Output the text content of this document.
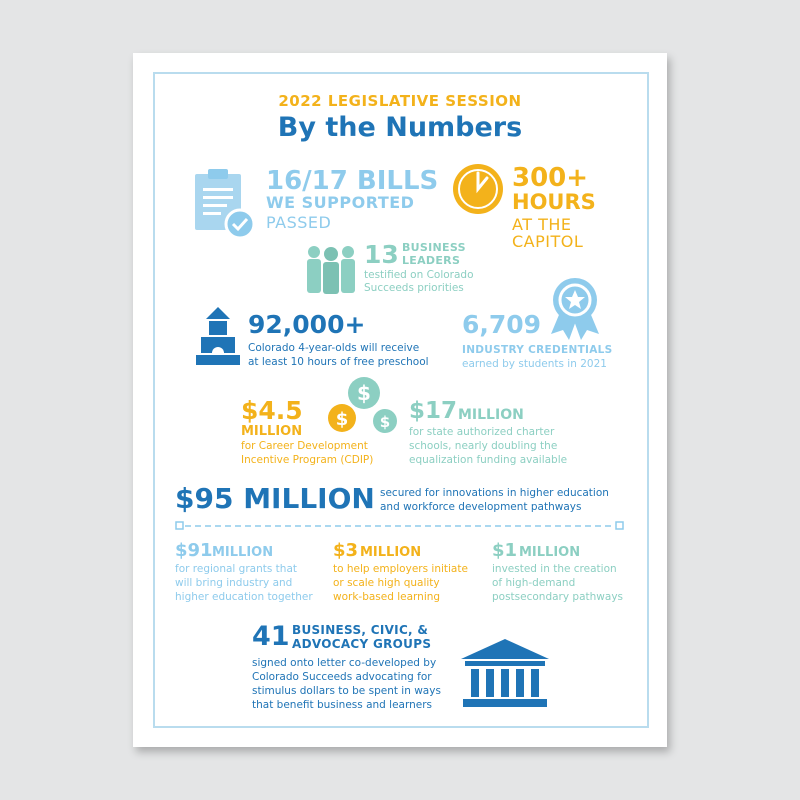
2022 LEGISLATIVE SESSION
By the Numbers
16/17 BILLS
WE SUPPORTED
PASSED
300+
HOURS
AT THE
CAPITOL
13 BUSINESS
LEADERS
testified on Colorado
Succeeds priorities
92,000+
Colorado 4-year-olds will receive
at least 10 hours of free preschool
6,709
INDUSTRY CREDENTIALS
earned by students in 2021
$
$ $
$4.5
MILLION
for Career Development
Incentive Program (CDIP)
$17 MILLION
for state authorized charter
schools, nearly doubling the
equalization funding available
$95 MILLION secured for innovations in higher education
and workforce development pathways
$91 MILLION
for regional grants that
will bring industry and
higher education together
$3 MILLION
to help employers initiate
or scale high quality
work-based learning
$1 MILLION
invested in the creation
of high-demand
postsecondary pathways
41 BUSINESS, CIVIC, &
ADVOCACY GROUPS
signed onto letter co-developed by
Colorado Succeeds advocating for
stimulus dollars to be spent in ways
that benefit business and learners
